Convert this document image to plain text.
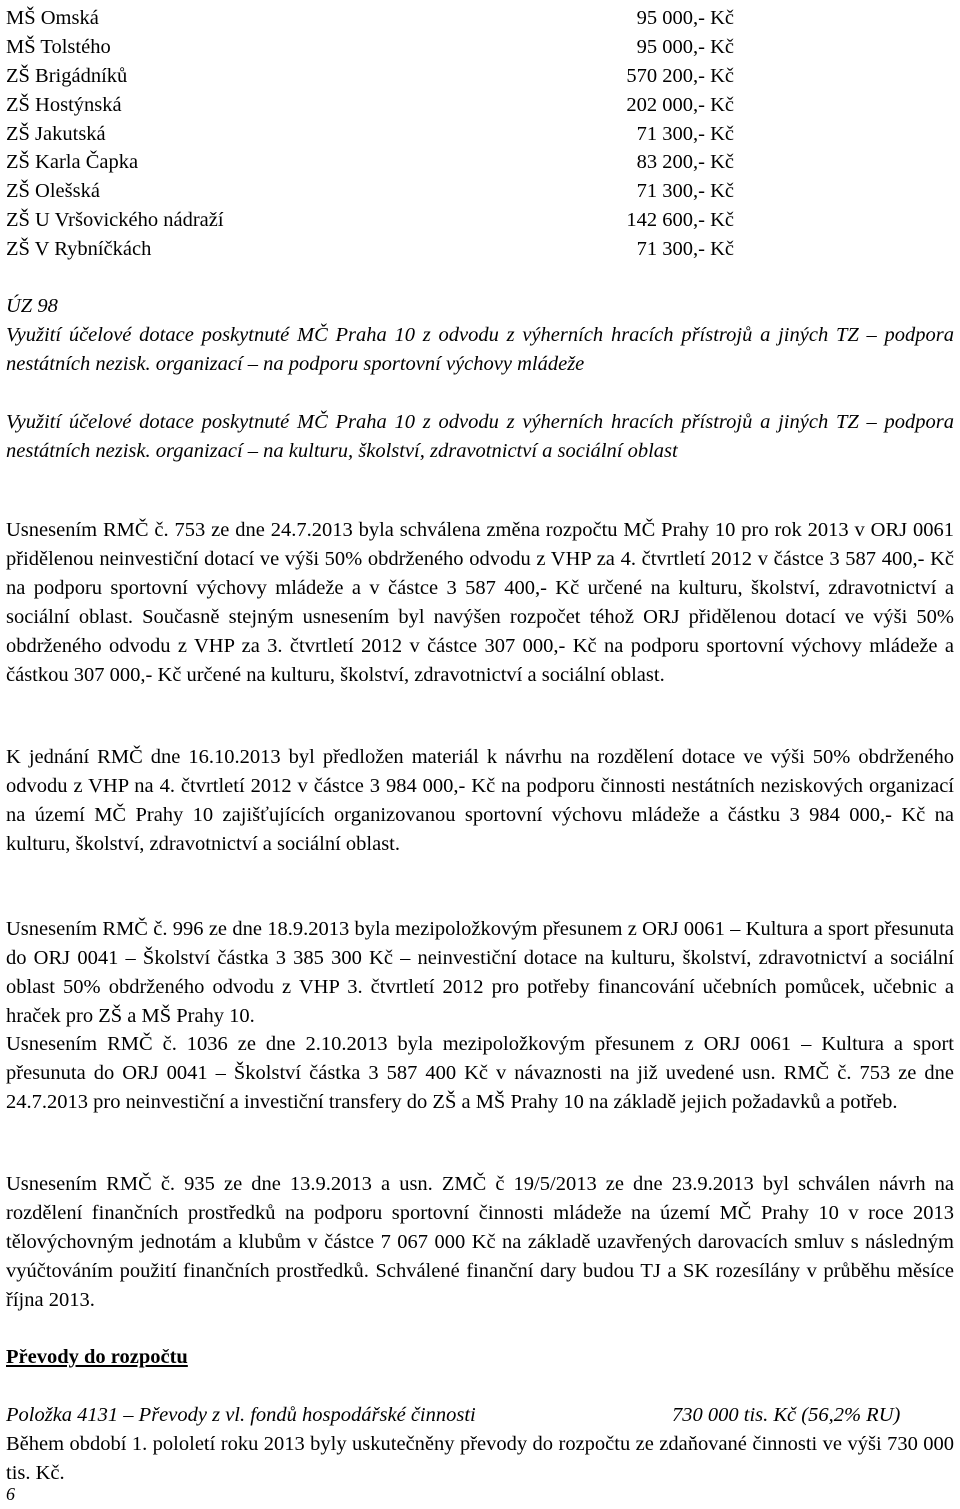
MŠ Omská	95 000,- Kč
MŠ Tolstého	95 000,- Kč
ZŠ Brigádníků	570 200,- Kč
ZŠ Hostýnská	202 000,- Kč
ZŠ Jakutská	71 300,- Kč
ZŠ Karla Čapka	83 200,- Kč
ZŠ Olešská	71 300,- Kč
ZŠ U Vršovického nádraží	142 600,- Kč
ZŠ V Rybníčkách	71 300,- Kč
ÚZ 98
Využití účelové dotace poskytnuté MČ Praha 10 z odvodu z výherních hracích přístrojů a jiných TZ – podpora nestátních nezisk. organizací – na podporu sportovní výchovy mládeže
Využití účelové dotace poskytnuté MČ Praha 10 z odvodu z výherních hracích přístrojů a jiných TZ – podpora nestátních nezisk. organizací – na kulturu, školství, zdravotnictví a sociální oblast

Usnesením RMČ č. 753 ze dne 24.7.2013 byla schválena změna rozpočtu MČ Prahy 10 pro rok 2013 v ORJ 0061 přidělenou neinvestiční dotací ve výši 50% obdrženého odvodu z VHP za 4. čtvrtletí 2012 v částce 3 587 400,- Kč na podporu sportovní výchovy mládeže a v částce 3 587 400,- Kč určené na kulturu, školství, zdravotnictví a sociální oblast. Současně stejným usnesením byl navýšen rozpočet téhož ORJ přidělenou dotací ve výši 50% obdrženého odvodu z VHP za 3. čtvrtletí 2012 v částce 307 000,- Kč na podporu sportovní výchovy mládeže a částkou 307 000,- Kč určené na kulturu, školství, zdravotnictví a sociální oblast.

K jednání RMČ dne 16.10.2013 byl předložen materiál k návrhu na rozdělení dotace ve výši 50% obdrženého odvodu z VHP na 4. čtvrtletí 2012 v částce 3 984 000,- Kč na podporu činnosti nestátních neziskových organizací na území MČ Prahy 10 zajišťujících organizovanou sportovní výchovu mládeže a částku 3 984 000,- Kč na kulturu, školství, zdravotnictví a sociální oblast.

Usnesením RMČ č. 996 ze dne 18.9.2013 byla mezipoložkovým přesunem z ORJ 0061 – Kultura a sport přesunuta do ORJ 0041 – Školství částka 3 385 300 Kč – neinvestiční dotace na kulturu, školství, zdravotnictví a sociální oblast 50% obdrženého odvodu z VHP 3. čtvrtletí 2012 pro potřeby financování učebních pomůcek, učebnic a hraček pro ZŠ a MŠ Prahy 10.

Usnesením RMČ č. 1036 ze dne 2.10.2013 byla mezipoložkovým přesunem z ORJ 0061 – Kultura a sport přesunuta do ORJ 0041 – Školství částka 3 587 400 Kč v návaznosti na již uvedené usn. RMČ č. 753 ze dne 24.7.2013 pro neinvestiční a investiční transfery do ZŠ a MŠ Prahy 10 na základě jejich požadavků a potřeb.

Usnesením RMČ č. 935 ze dne 13.9.2013 a usn. ZMČ č 19/5/2013 ze dne 23.9.2013 byl schválen návrh na rozdělení finančních prostředků na podporu sportovní činnosti mládeže na území MČ Prahy 10 v roce 2013 tělovýchovným jednotám a klubům v částce 7 067 000 Kč na základě uzavřených darovacích smluv s následným vyúčtováním použití finančních prostředků. Schválené finanční dary budou TJ a SK rozesílány v průběhu měsíce října 2013.

Převody do rozpočtu
Položka 4131 – Převody z vl. fondů hospodářské činnosti	730 000 tis. Kč (56,2% RU)

Během období 1. pololetí roku 2013 byly uskutečněny převody do rozpočtu ze zdaňované činnosti ve výši 730 000 tis. Kč.

6
